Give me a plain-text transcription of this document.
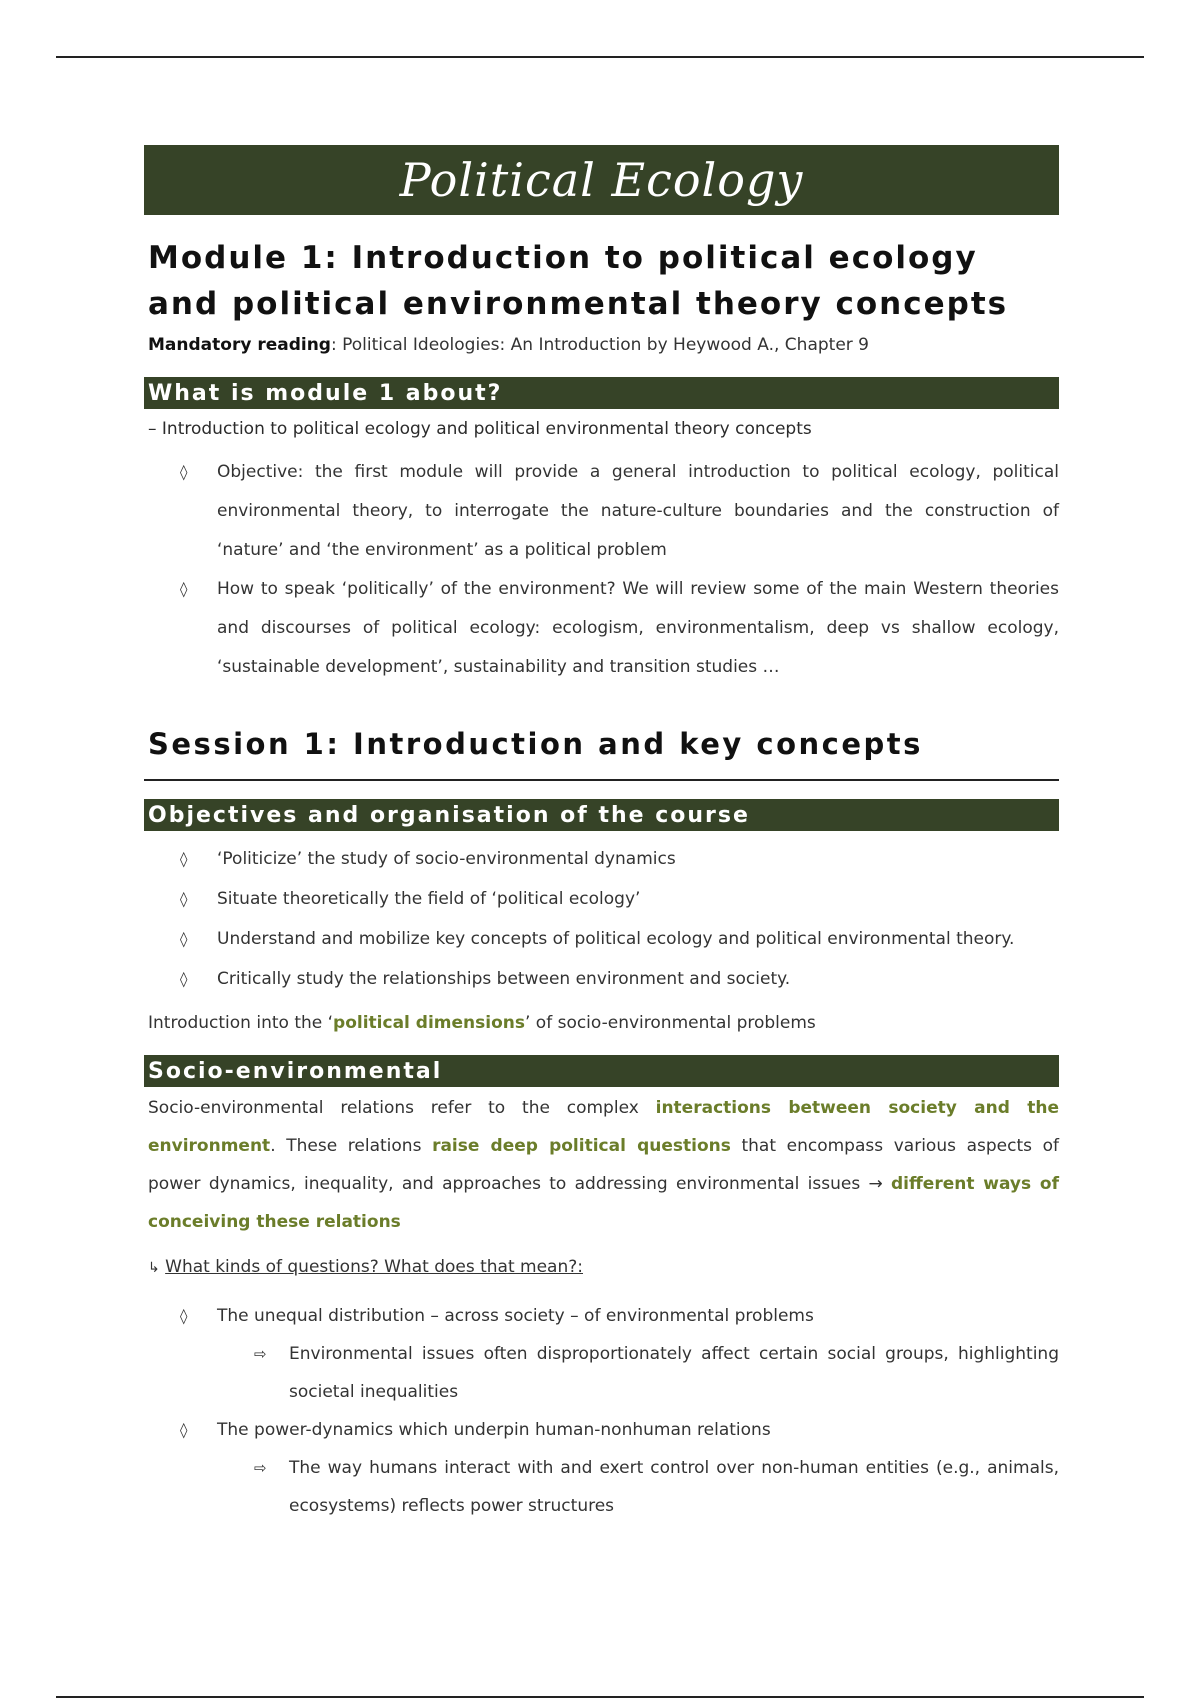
Political Ecology
Module 1: Introduction to political ecology and political environmental theory concepts
Mandatory reading: Political Ideologies: An Introduction by Heywood A., Chapter 9
What is module 1 about?
– Introduction to political ecology and political environmental theory concepts
◊ Objective: the first module will provide a general introduction to political ecology, political environmental theory, to interrogate the nature-culture boundaries and the construction of ‘nature’ and ‘the environment’ as a political problem
◊ How to speak ‘politically’ of the environment? We will review some of the main Western theories and discourses of political ecology: ecologism, environmentalism, deep vs shallow ecology, ‘sustainable development’, sustainability and transition studies …
Session 1: Introduction and key concepts
Objectives and organisation of the course
◊ ‘Politicize’ the study of socio-environmental dynamics
◊ Situate theoretically the field of ‘political ecology’
◊ Understand and mobilize key concepts of political ecology and political environmental theory.
◊ Critically study the relationships between environment and society.
Introduction into the ‘political dimensions’ of socio-environmental problems
Socio-environmental
Socio-environmental relations refer to the complex interactions between society and the environment. These relations raise deep political questions that encompass various aspects of power dynamics, inequality, and approaches to addressing environmental issues → different ways of conceiving these relations
↳ What kinds of questions? What does that mean?:
◊ The unequal distribution – across society – of environmental problems
⇨ Environmental issues often disproportionately affect certain social groups, highlighting societal inequalities
◊ The power-dynamics which underpin human-nonhuman relations
⇨ The way humans interact with and exert control over non-human entities (e.g., animals, ecosystems) reflects power structures
